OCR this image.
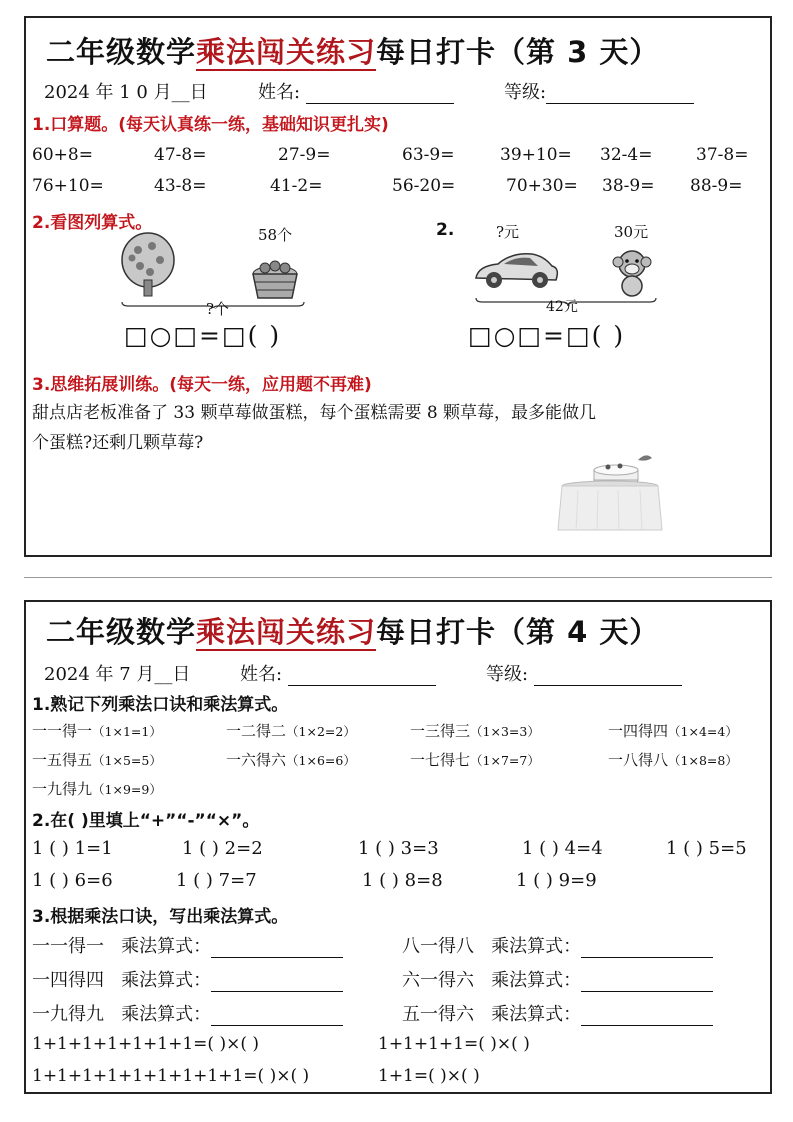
二年级数学乘法闯关练习每日打卡（第 3 天）
2024 年 1 0 月__日	姓名:	等级:
1.口算题。(每天认真练一练，基础知识更扎实)
60+8=	47-8=	27-9=	63-9=	39+10= 32-4=	37-8=
76+10=	43-8=	41-2=	56-20=	70+30= 38-9= 88-9=
2.看图列算式。
58个
?个
□○□=□( )
2.	?元	30元
42元
□○□=□( )
3.思维拓展训练。(每天一练，应用题不再难)
甜点店老板准备了 33 颗草莓做蛋糕，每个蛋糕需要 8 颗草莓，最多能做几
个蛋糕?还剩几颗草莓?
二年级数学乘法闯关练习每日打卡（第 4 天）
2024 年 7 月__日	姓名:	等级:
1.熟记下列乘法口诀和乘法算式。
一一得一（1×1=1）	一二得二（1×2=2）	一三得三（1×3=3）	一四得四（1×4=4）
一五得五（1×5=5）	一六得六（1×6=6）	一七得七（1×7=7）	一八得八（1×8=8）
一九得九（1×9=9）
2.在( )里填上“+”“-”“×”。
1 ( ) 1=1	1 ( ) 2=2	1 ( ) 3=3	1 ( ) 4=4	1 ( ) 5=5
1 ( ) 6=6	1 ( ) 7=7	1 ( ) 8=8	1 ( ) 9=9
3.根据乘法口诀，写出乘法算式。
一一得一 乘法算式：	八一得八 乘法算式：
一四得四 乘法算式：	六一得六 乘法算式：
一九得九 乘法算式：	五一得六 乘法算式：
1+1+1+1+1+1+1=( )×( )	1+1+1+1=( )×( )
1+1+1+1+1+1+1+1+1=( )×( )	1+1=( )×( )
